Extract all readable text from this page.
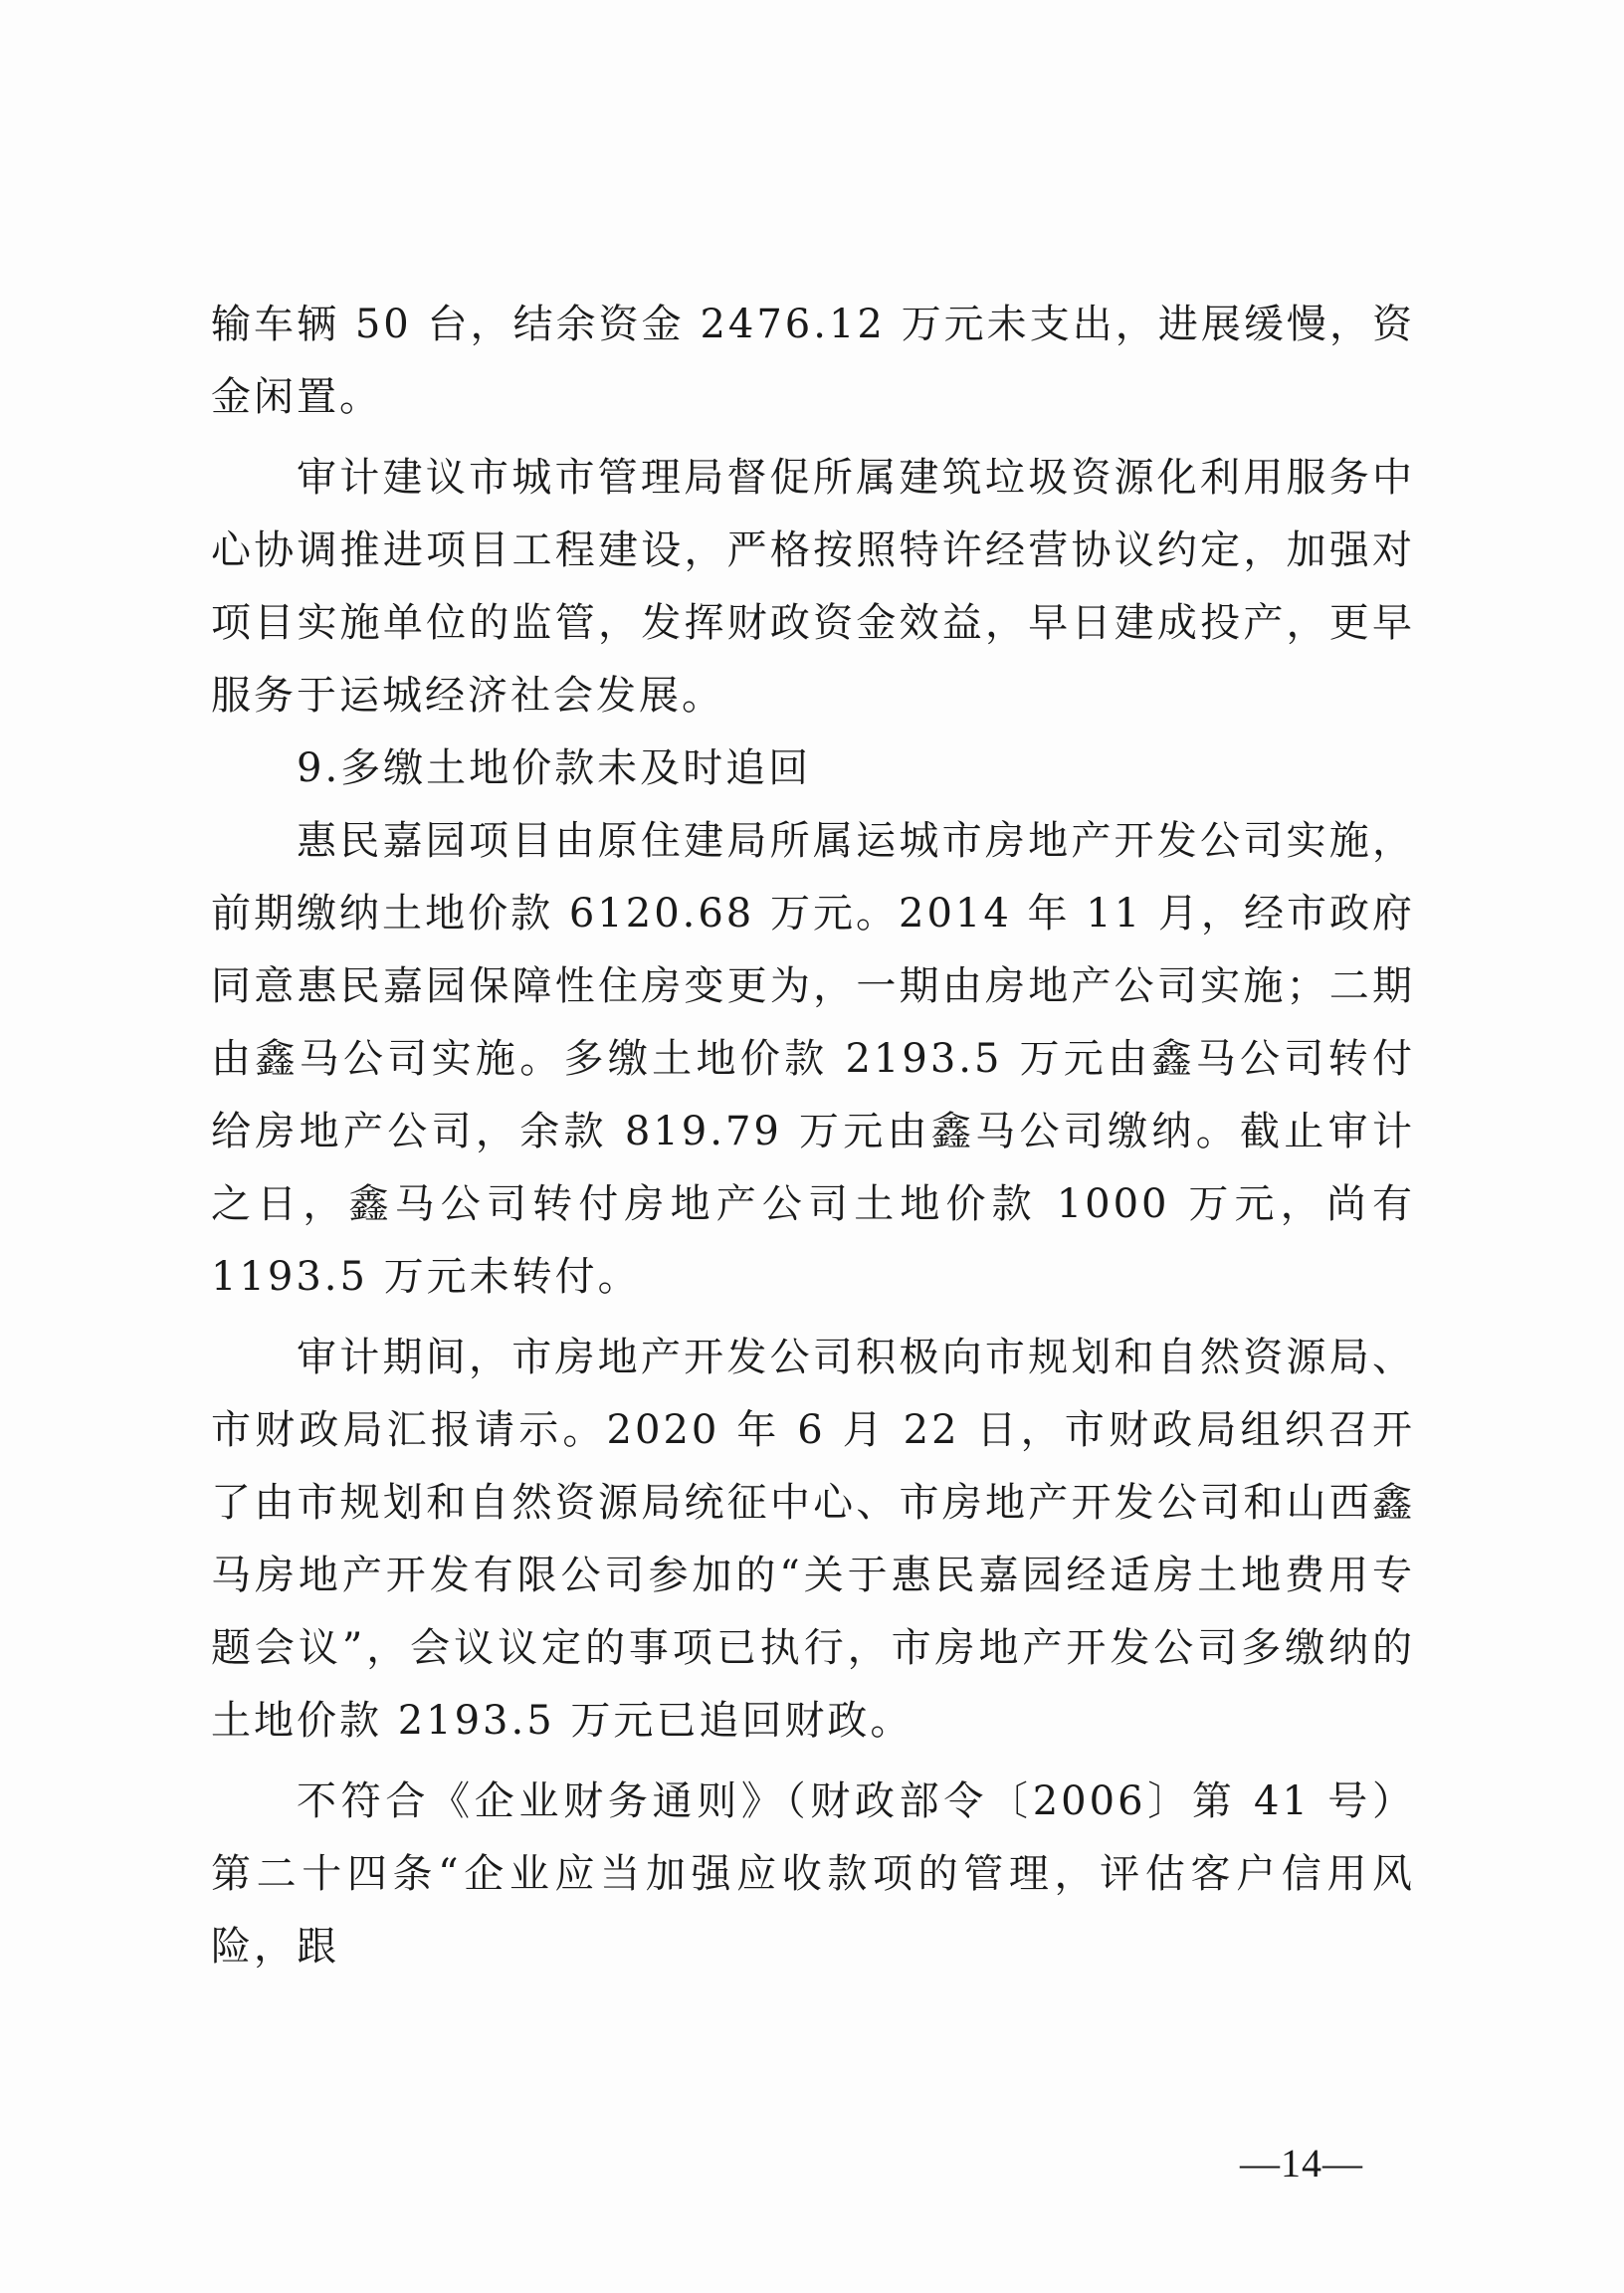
输车辆 50 台，结余资金 2476.12 万元未支出，进展缓慢，资金闲置。

审计建议市城市管理局督促所属建筑垃圾资源化利用服务中心协调推进项目工程建设，严格按照特许经营协议约定，加强对项目实施单位的监管，发挥财政资金效益，早日建成投产，更早服务于运城经济社会发展。

9.多缴土地价款未及时追回

惠民嘉园项目由原住建局所属运城市房地产开发公司实施，前期缴纳土地价款 6120.68 万元。2014 年 11 月，经市政府同意惠民嘉园保障性住房变更为，一期由房地产公司实施；二期由鑫马公司实施。多缴土地价款 2193.5 万元由鑫马公司转付给房地产公司，余款 819.79 万元由鑫马公司缴纳。截止审计之日，鑫马公司转付房地产公司土地价款 1000 万元，尚有 1193.5 万元未转付。

审计期间，市房地产开发公司积极向市规划和自然资源局、市财政局汇报请示。2020 年 6 月 22 日，市财政局组织召开了由市规划和自然资源局统征中心、市房地产开发公司和山西鑫马房地产开发有限公司参加的“关于惠民嘉园经适房土地费用专题会议”，会议议定的事项已执行，市房地产开发公司多缴纳的土地价款 2193.5 万元已追回财政。

不符合《企业财务通则》（财政部令〔2006〕第 41 号）第二十四条“企业应当加强应收款项的管理，评估客户信用风险，跟

—14—
